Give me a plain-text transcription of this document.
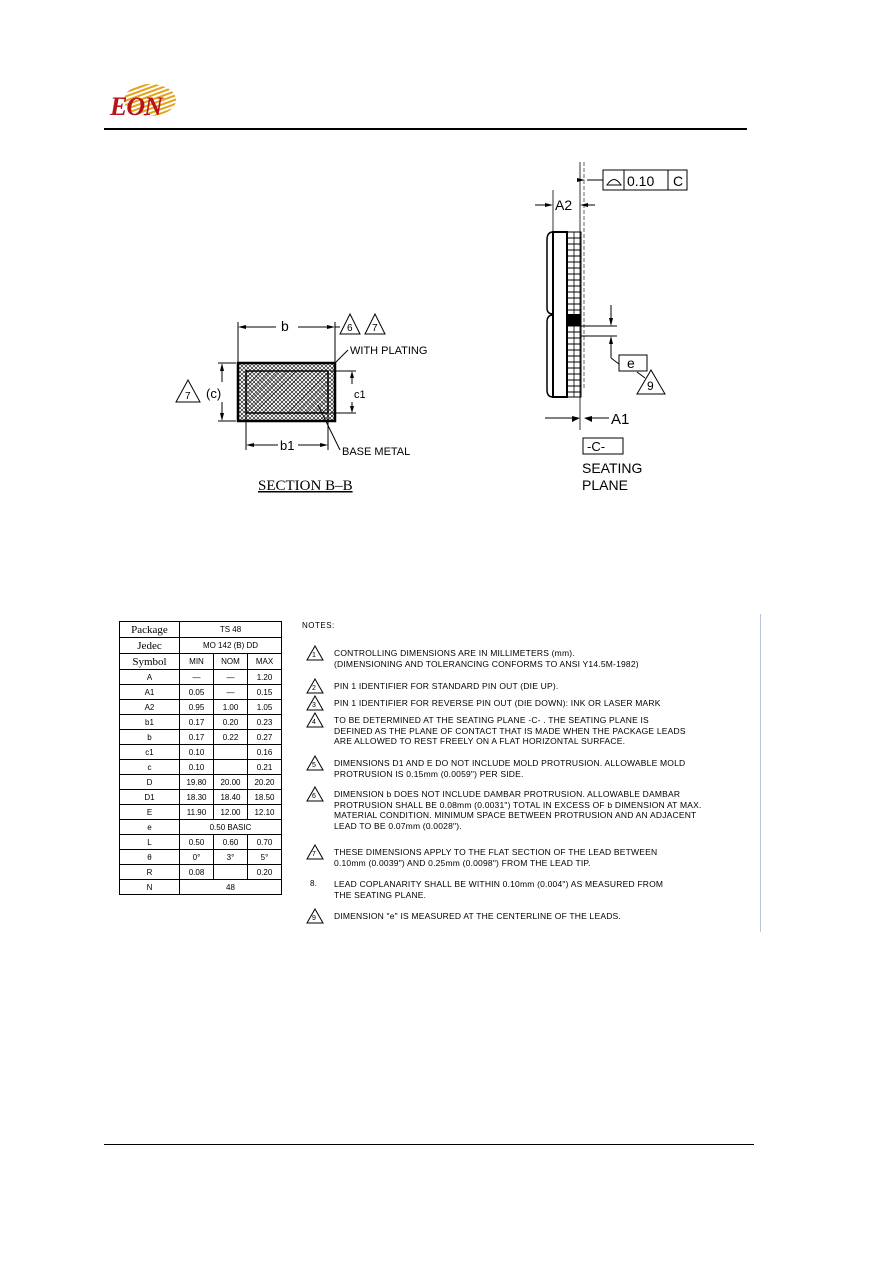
EON
b	6 7
WITH PLATING
(c)
7	c1
b1	BASE METAL
SECTION B–B
0.10 C
A2
e
9
A1
-C-
SEATING
PLANE
Package	TS 48		
Jedec	MO 142 (B) DD		
Symbol	MIN	NOM	MAX
A	—	—	1.20
A1	0.05	—	0.15
A2	0.95	1.00	1.05
b1	0.17	0.20	0.23
b	0.17	0.22	0.27
c1	0.10		0.16
c	0.10		0.21
D	19.80	20.00	20.20
D1	18.30	18.40	18.50
E	11.90	12.00	12.10
e	0.50 BASIC		
L	0.50	0.60	0.70
θ	0°	3°	5°
R	0.08		0.20
N	48		
NOTES:
1 CONTROLLING DIMENSIONS ARE IN MILLIMETERS (mm).
(DIMENSIONING AND TOLERANCING CONFORMS TO ANSI Y14.5M-1982)
2 PIN 1 IDENTIFIER FOR STANDARD PIN OUT (DIE UP).
3 PIN 1 IDENTIFIER FOR REVERSE PIN OUT (DIE DOWN): INK OR LASER MARK
4 TO BE DETERMINED AT THE SEATING PLANE -C- . THE SEATING PLANE IS
DEFINED AS THE PLANE OF CONTACT THAT IS MADE WHEN THE PACKAGE LEADS
ARE ALLOWED TO REST FREELY ON A FLAT HORIZONTAL SURFACE.
5 DIMENSIONS D1 AND E DO NOT INCLUDE MOLD PROTRUSION. ALLOWABLE MOLD
PROTRUSION IS 0.15mm (0.0059") PER SIDE.
6 DIMENSION b DOES NOT INCLUDE DAMBAR PROTRUSION. ALLOWABLE DAMBAR
PROTRUSION SHALL BE 0.08mm (0.0031") TOTAL IN EXCESS OF b DIMENSION AT MAX.
MATERIAL CONDITION. MINIMUM SPACE BETWEEN PROTRUSION AND AN ADJACENT
LEAD TO BE 0.07mm (0.0028").
7 THESE DIMENSIONS APPLY TO THE FLAT SECTION OF THE LEAD BETWEEN
0.10mm (0.0039") AND 0.25mm (0.0098") FROM THE LEAD TIP.
8. LEAD COPLANARITY SHALL BE WITHIN 0.10mm (0.004") AS MEASURED FROM
THE SEATING PLANE.
9 DIMENSION "e" IS MEASURED AT THE CENTERLINE OF THE LEADS.
